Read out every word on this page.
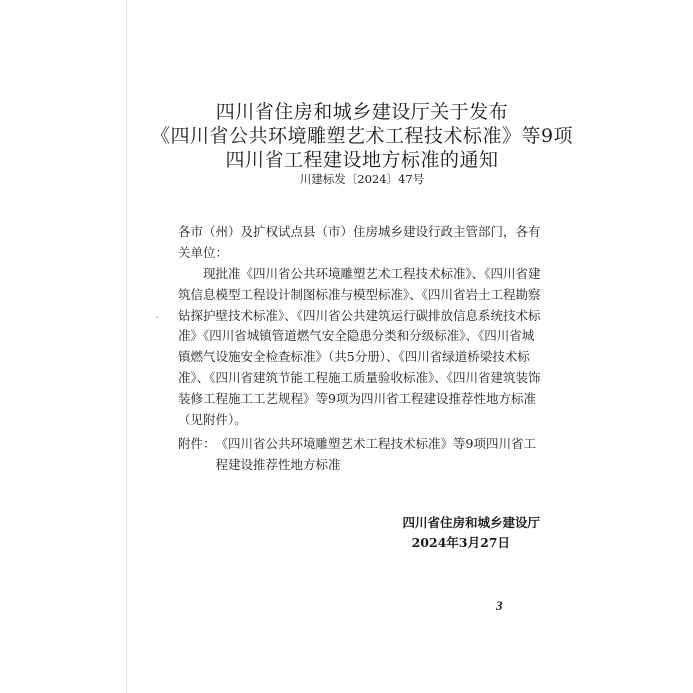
四川省住房和城乡建设厅关于发布
《四川省公共环境雕塑艺术工程技术标准》等9项
四川省工程建设地方标准的通知
川建标发〔2024〕47号
各市（州）及扩权试点县（市）住房城乡建设行政主管部门，各有关单位：
现批准《四川省公共环境雕塑艺术工程技术标准》、《四川省建筑信息模型工程设计制图标准与模型标准》、《四川省岩土工程勘察钻探护壁技术标准》、《四川省公共建筑运行碳排放信息系统技术标准》《四川省城镇管道燃气安全隐患分类和分级标准》、《四川省城镇燃气设施安全检查标准》（共5分册）、《四川省绿道桥梁技术标准》、《四川省建筑节能工程施工质量验收标准》、《四川省建筑装饰装修工程施工工艺规程》等9项为四川省工程建设推荐性地方标准（见附件）。
附件： 《四川省公共环境雕塑艺术工程技术标准》等9项四川省工程建设推荐性地方标准
四川省住房和城乡建设厅
2024年3月27日
3
